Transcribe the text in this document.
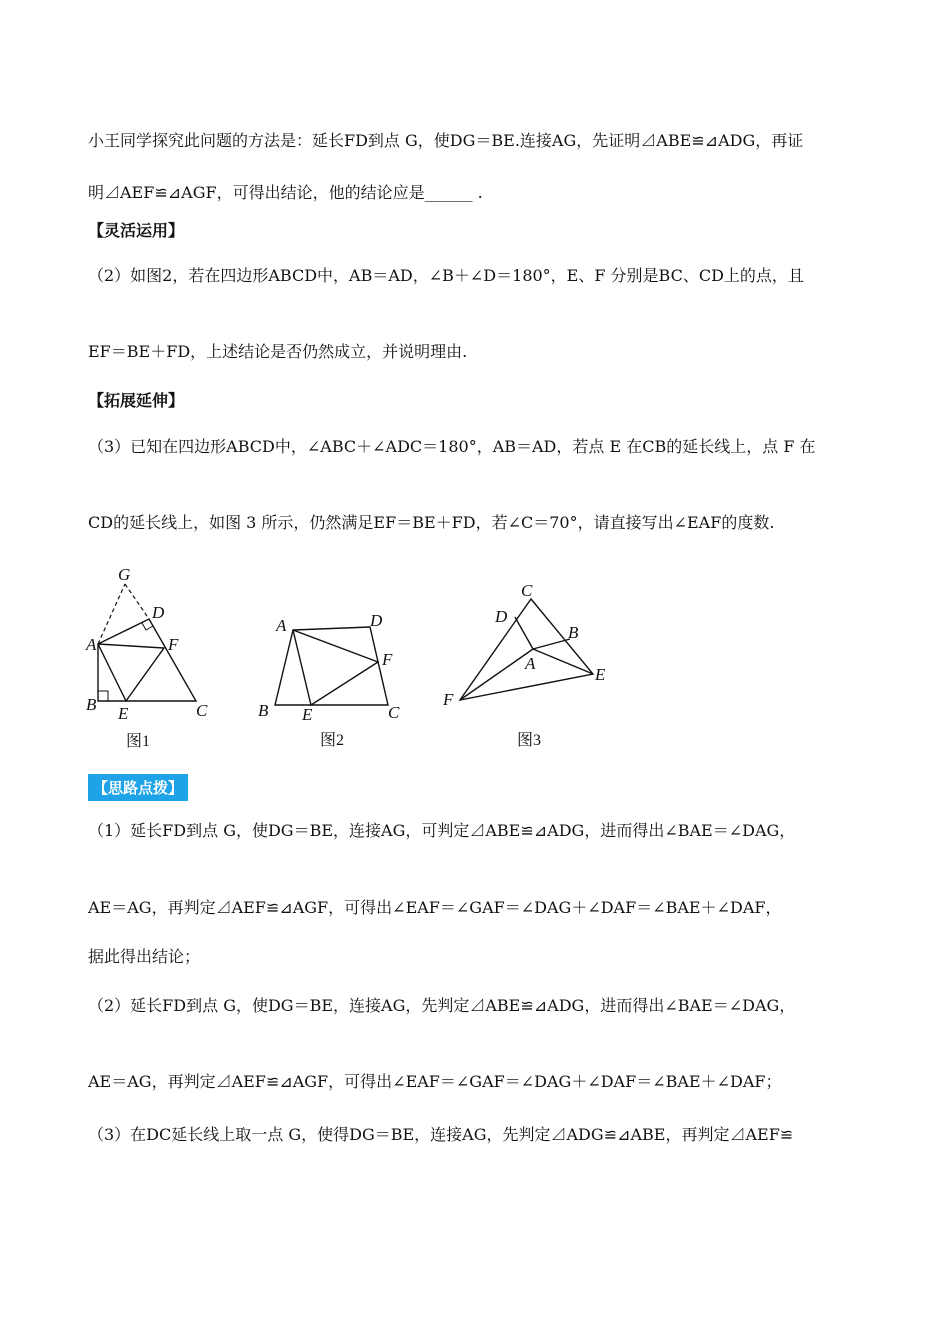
小王同学探究此问题的方法是：延长FD到点 G，使DG＝BE.连接AG，先证明⊿ABE≌⊿ADG，再证
明⊿AEF≌⊿AGF，可得出结论，他的结论应是______ .
【灵活运用】
（2）如图2，若在四边形ABCD中，AB＝AD，∠B＋∠D＝180°，E、F 分别是BC、CD上的点，且
EF＝BE＋FD，上述结论是否仍然成立，并说明理由.
【拓展延伸】
（3）已知在四边形ABCD中，∠ABC＋∠ADC＝180°，AB＝AD，若点 E 在CB的延长线上，点 F 在
CD的延长线上，如图 3 所示，仍然满足EF＝BE＋FD，若∠C＝70°，请直接写出∠EAF的度数.
G
D
A	F
B E	C
图1
A	D
F
B E	C
图2
C
D
B
A
E
F
图3
【思路点拨】
（1）延长FD到点 G，使DG＝BE，连接AG，可判定⊿ABE≌⊿ADG，进而得出∠BAE＝∠DAG，
AE＝AG，再判定⊿AEF≌⊿AGF，可得出∠EAF＝∠GAF＝∠DAG＋∠DAF＝∠BAE＋∠DAF，
据此得出结论；
（2）延长FD到点 G，使DG＝BE，连接AG，先判定⊿ABE≌⊿ADG，进而得出∠BAE＝∠DAG，
AE＝AG，再判定⊿AEF≌⊿AGF，可得出∠EAF＝∠GAF＝∠DAG＋∠DAF＝∠BAE＋∠DAF；
（3）在DC延长线上取一点 G，使得DG＝BE，连接AG，先判定⊿ADG≌⊿ABE，再判定⊿AEF≌
